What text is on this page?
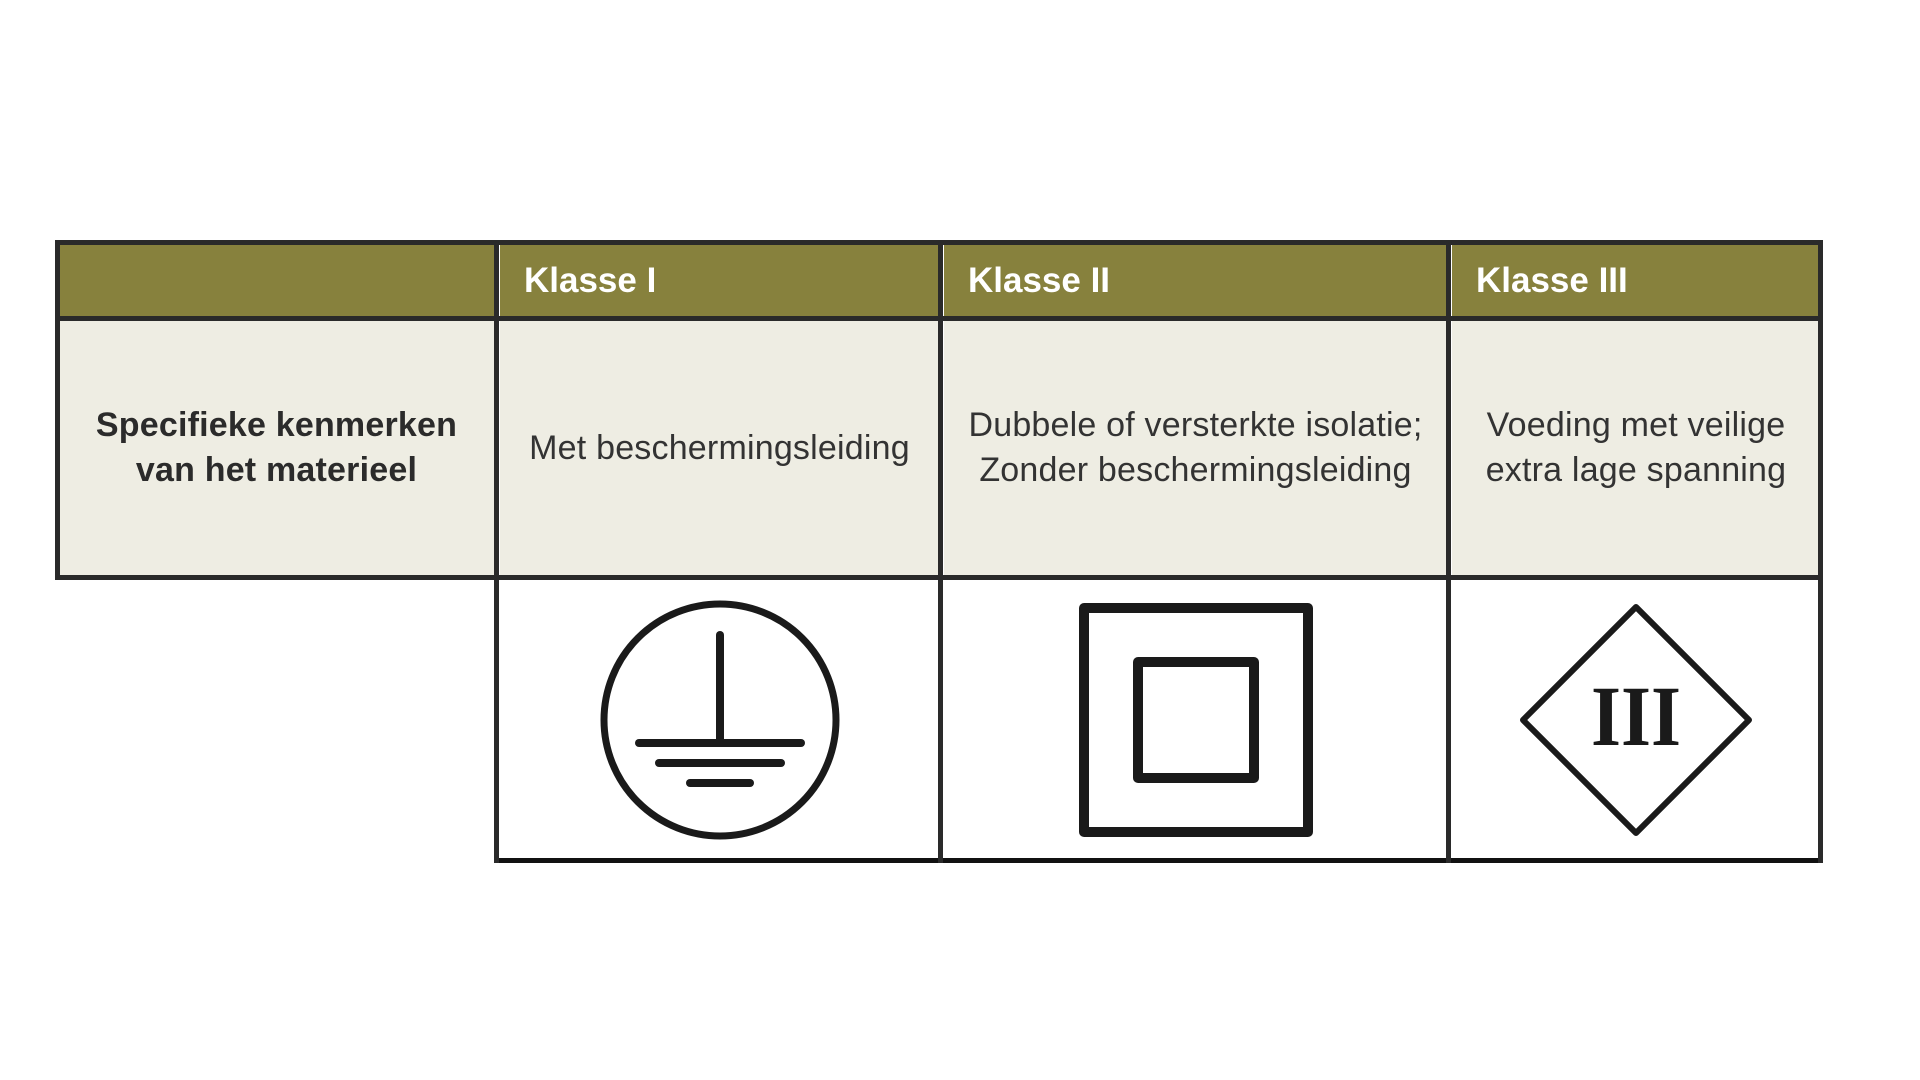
Klasse I	Klasse II	Klasse III
Specifieke kenmerken
van het materieel
Met beschermingsleiding
Dubbele of versterkte isolatie;
Zonder beschermingsleiding
Voeding met veilige
extra lage spanning
III
